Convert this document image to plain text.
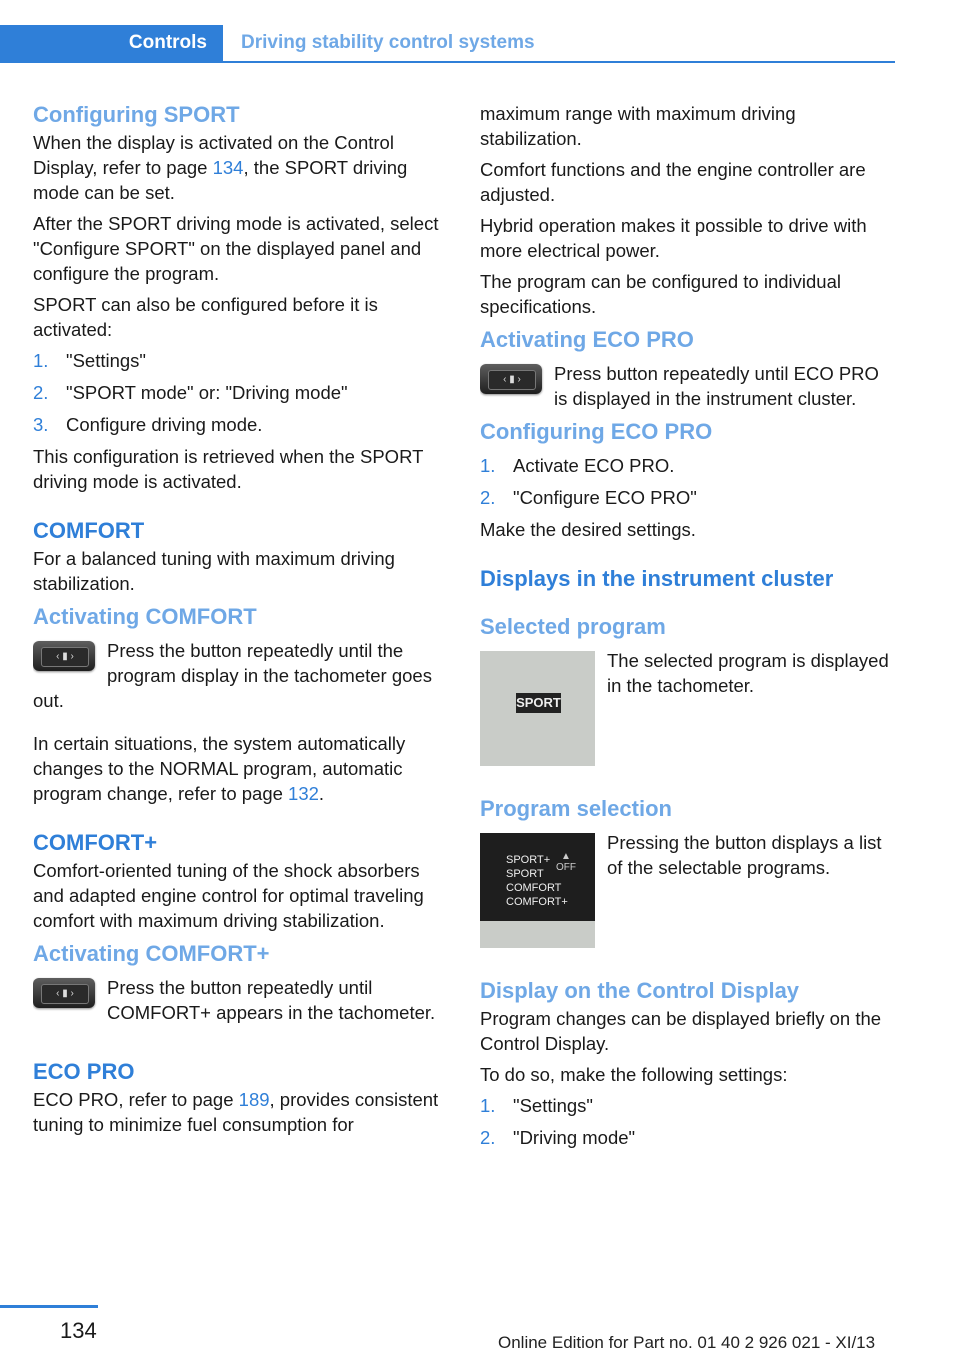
Controls	Driving stability control systems
Configuring SPORT

When the display is activated on the Control Display, refer to page 134, the SPORT driving mode can be set.

After the SPORT driving mode is activated, select "Configure SPORT" on the displayed panel and configure the program.

SPORT can also be configured before it is activated:

1. "Settings"
2. "SPORT mode" or: "Driving mode"
3. Configure driving mode.

This configuration is retrieved when the SPORT driving mode is activated.

COMFORT

For a balanced tuning with maximum driving stabilization.

Activating COMFORT
‹ ▮ ›	Press the button repeatedly until the program display in the tachometer goes out.

In certain situations, the system automatically changes to the NORMAL program, automatic program change, refer to page 132.

COMFORT+

Comfort-oriented tuning of the shock absorbers and adapted engine control for optimal traveling comfort with maximum driving stabilization.

Activating COMFORT+
‹ ▮ ›	Press the button repeatedly until COMFORT+ appears in the tachometer.

ECO PRO

ECO PRO, refer to page 189, provides consistent tuning to minimize fuel consumption for

maximum range with maximum driving stabilization.

Comfort functions and the engine controller are adjusted.

Hybrid operation makes it possible to drive with more electrical power.

The program can be configured to individual specifications.

Activating ECO PRO
‹ ▮ ›	Press button repeatedly until ECO PRO is displayed in the instrument cluster.

Configuring ECO PRO
1. Activate ECO PRO.
2. "Configure ECO PRO"

Make the desired settings.

Displays in the instrument cluster
Selected program
SPORT

The selected program is displayed in the tachometer.

Program selection
SPORT+
SPORT
COMFORT
COMFORT+
▲
OFF

Pressing the button displays a list of the selectable programs.

Display on the Control Display

Program changes can be displayed briefly on the Control Display.

To do so, make the following settings:

1. "Settings"
2. "Driving mode"
134	Online Edition for Part no. 01 40 2 926 021 - XI/13
